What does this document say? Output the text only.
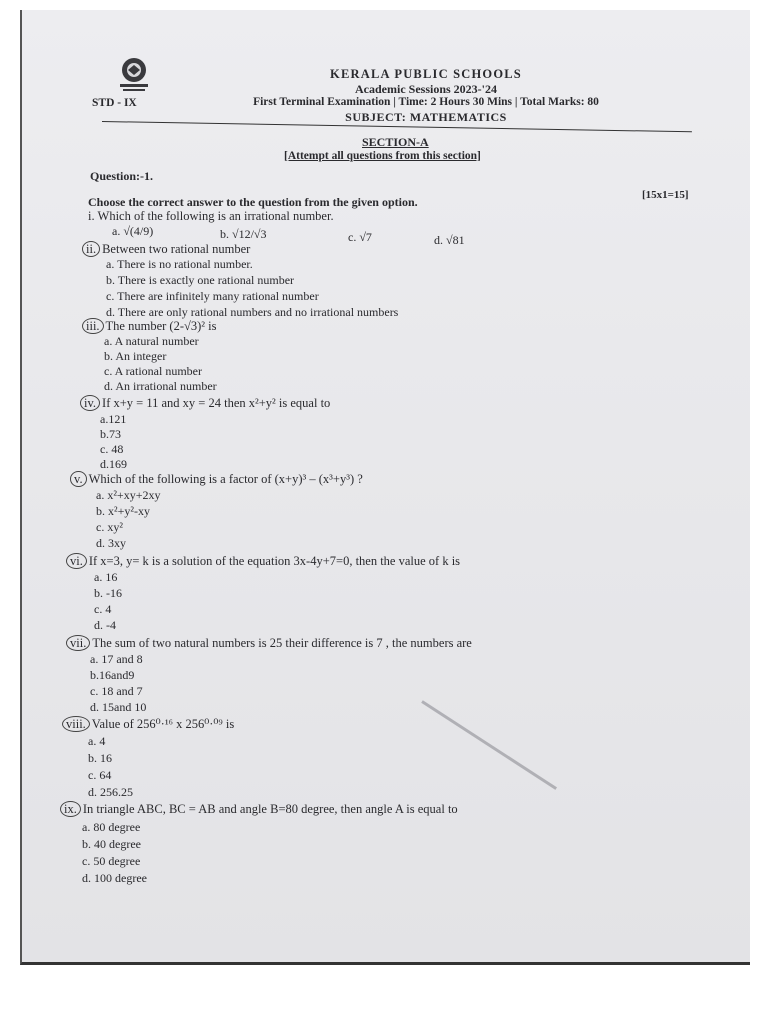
KERALA PUBLIC SCHOOLS
Academic Sessions 2023-'24
First Terminal Examination | Time: 2 Hours 30 Mins | Total Marks: 80
SUBJECT: MATHEMATICS
STD - IX
SECTION-A
[Attempt all questions from this section]
Question:-1.
[15x1=15]
Choose the correct answer to the question from the given option.
i. Which of the following is an irrational number.
a. √(4/9)	b. √12/√3	c. √7	d. √81
ii. Between two rational number
a. There is no rational number.
b. There is exactly one rational number
c. There are infinitely many rational number
d. There are only rational numbers and no irrational numbers
iii. The number (2-√3)² is
a. A natural number
b. An integer
c. A rational number
d. An irrational number
iv. If x+y = 11 and xy = 24 then x²+y² is equal to
a.121
b.73
c. 48
d.169
v. Which of the following is a factor of (x+y)³ – (x³+y³) ?
a. x²+xy+2xy
b. x²+y²-xy
c. xy²
d. 3xy
vi. If x=3, y= k is a solution of the equation 3x-4y+7=0, then the value of k is
a. 16
b. -16
c. 4
d. -4
vii. The sum of two natural numbers is 25 their difference is 7 , the numbers are
a. 17 and 8
b.16and9
c. 18 and 7
d. 15and 10
viii. Value of 256⁰·¹⁶ x 256⁰·⁰⁹ is
a. 4
b. 16
c. 64
d. 256.25
ix. In triangle ABC, BC = AB and angle B=80 degree, then angle A is equal to
a. 80 degree
b. 40 degree
c. 50 degree
d. 100 degree
